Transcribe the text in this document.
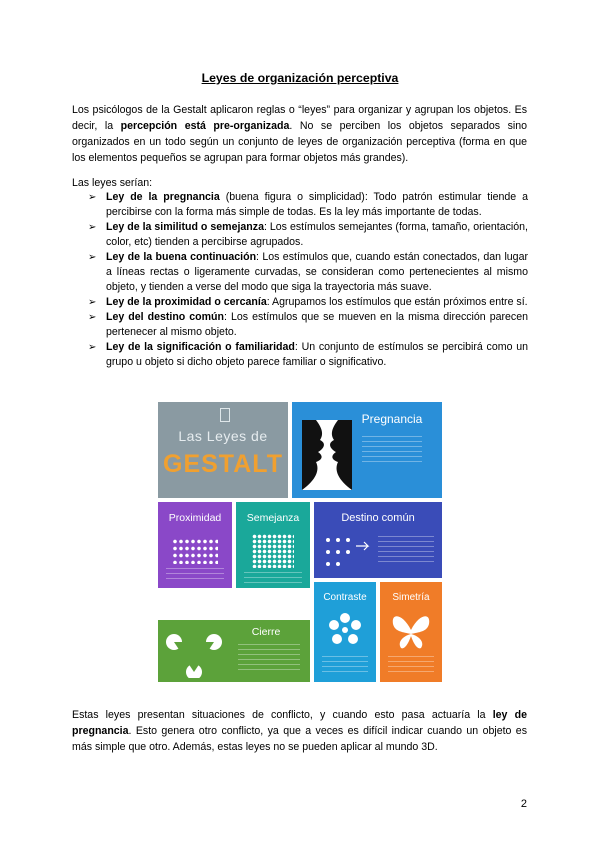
Leyes de organización perceptiva
Los psicólogos de la Gestalt aplicaron reglas o “leyes” para organizar y agrupan los objetos. Es decir, la percepción está pre-organizada. No se perciben los objetos separados sino organizados en un todo según un conjunto de leyes de organización perceptiva (forma en que los elementos pequeños se agrupan para formar objetos más grandes).
Las leyes serían:

➢ Ley de la pregnancia (buena figura o simplicidad): Todo patrón estimular tiende a percibirse con la forma más simple de todas. Es la ley más importante de todas.

➢ Ley de la similitud o semejanza: Los estímulos semejantes (forma, tamaño, orientación, color, etc) tienden a percibirse agrupados.

➢ Ley de la buena continuación: Los estímulos que, cuando están conectados, dan lugar a líneas rectas o ligeramente curvadas, se consideran como pertenecientes al mismo objeto, y tienden a verse del modo que siga la trayectoria más suave.

➢ Ley de la proximidad o cercanía: Agrupamos los estímulos que están próximos entre sí.

➢ Ley del destino común: Los estímulos que se mueven en la misma dirección parecen pertenecer al mismo objeto.

➢ Ley de la significación o familiaridad: Un conjunto de estímulos se percibirá como un grupo u objeto si dicho objeto parece familiar o significativo.

Las Leyes de
GESTALT
Pregnancia
Proximidad	Semejanza	Destino común
Contraste	Simetría
Cierre
Estas leyes presentan situaciones de conflicto, y cuando esto pasa actuaría la ley de pregnancia. Esto genera otro conflicto, ya que a veces es difícil indicar cuando un objeto es más simple que otro. Además, estas leyes no se pueden aplicar al mundo 3D.
2
